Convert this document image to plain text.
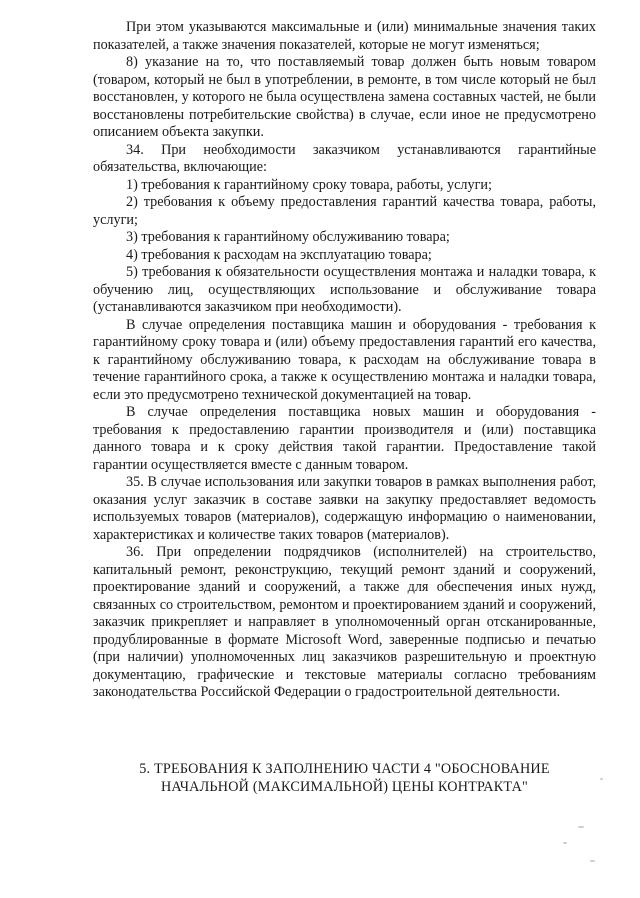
При этом указываются максимальные и (или) минимальные значения таких показателей, а также значения показателей, которые не могут изменяться;

8) указание на то, что поставляемый товар должен быть новым товаром (товаром, который не был в употреблении, в ремонте, в том числе который не был восстановлен, у которого не была осуществлена замена составных частей, не были восстановлены потребительские свойства) в случае, если иное не предусмотрено описанием объекта закупки.

34. При необходимости заказчиком устанавливаются гарантийные обязательства, включающие:

1) требования к гарантийному сроку товара, работы, услуги;

2) требования к объему предоставления гарантий качества товара, работы, услуги;

3) требования к гарантийному обслуживанию товара;

4) требования к расходам на эксплуатацию товара;

5) требования к обязательности осуществления монтажа и наладки товара, к обучению лиц, осуществляющих использование и обслуживание товара (устанавливаются заказчиком при необходимости).

В случае определения поставщика машин и оборудования - требования к гарантийному сроку товара и (или) объему предоставления гарантий его качества, к гарантийному обслуживанию товара, к расходам на обслуживание товара в течение гарантийного срока, а также к осуществлению монтажа и наладки товара, если это предусмотрено технической документацией на товар.

В случае определения поставщика новых машин и оборудования - требования к предоставлению гарантии производителя и (или) поставщика данного товара и к сроку действия такой гарантии. Предоставление такой гарантии осуществляется вместе с данным товаром.

35. В случае использования или закупки товаров в рамках выполнения работ, оказания услуг заказчик в составе заявки на закупку предоставляет ведомость используемых товаров (материалов), содержащую информацию о наименовании, характеристиках и количестве таких товаров (материалов).

36. При определении подрядчиков (исполнителей) на строительство, капитальный ремонт, реконструкцию, текущий ремонт зданий и сооружений, проектирование зданий и сооружений, а также для обеспечения иных нужд, связанных со строительством, ремонтом и проектированием зданий и сооружений, заказчик прикрепляет и направляет в уполномоченный орган отсканированные, продублированные в формате Microsoft Word, заверенные подписью и печатью (при наличии) уполномоченных лиц заказчиков разрешительную и проектную документацию, графические и текстовые материалы согласно требованиям законодательства Российской Федерации о градостроительной деятельности.

5. ТРЕБОВАНИЯ К ЗАПОЛНЕНИЮ ЧАСТИ 4 "ОБОСНОВАНИЕ
НАЧАЛЬНОЙ (МАКСИМАЛЬНОЙ) ЦЕНЫ КОНТРАКТА"
